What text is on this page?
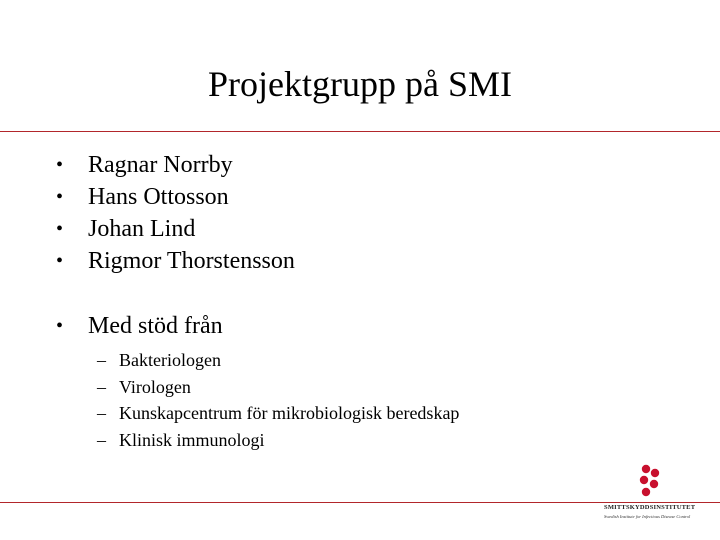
Projektgrupp på SMI
• Ragnar Norrby
• Hans Ottosson
• Johan Lind
• Rigmor Thorstensson
• Med stöd från
– Bakteriologen
– Virologen
– Kunskapcentrum för mikrobiologisk beredskap
– Klinisk immunologi
SMITTSKYDDSINSTITUTET
Swedish Institute for Infectious Disease Control
